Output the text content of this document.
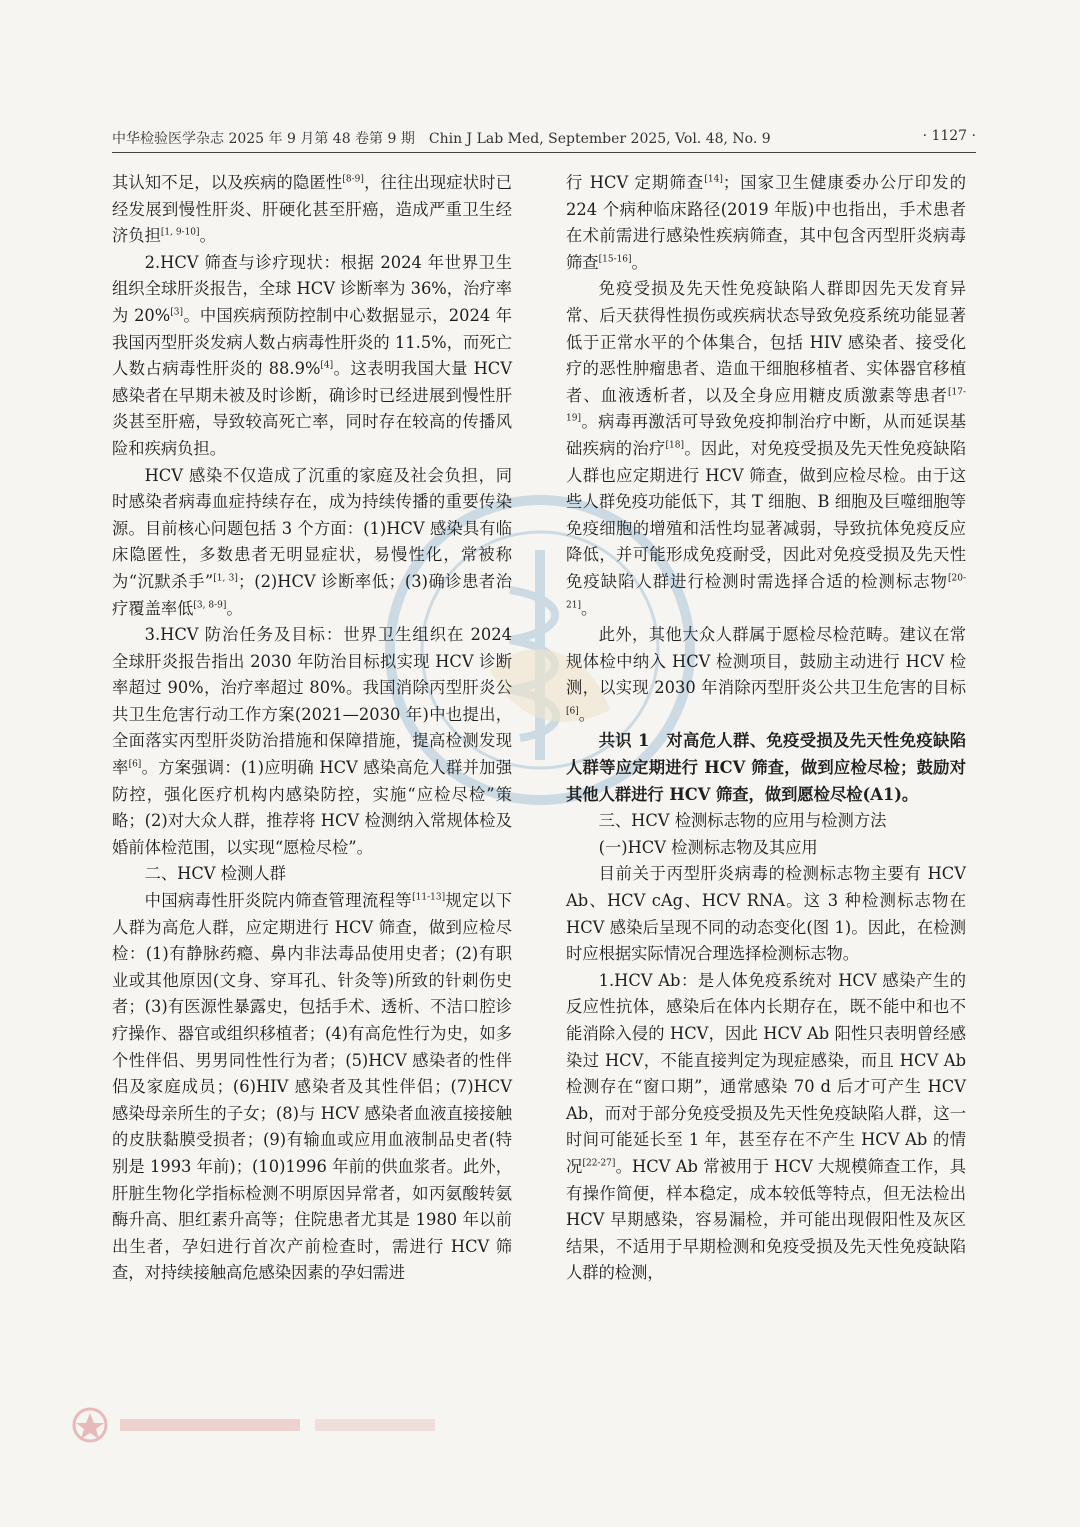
中华检验医学杂志 2025 年 9 月第 48 卷第 9 期　Chin J Lab Med, September 2025, Vol. 48, No. 9	· 1127 ·

其认知不足，以及疾病的隐匿性[8-9]，往往出现症状时已经发展到慢性肝炎、肝硬化甚至肝癌，造成严重卫生经济负担[1, 9-10]。

2.HCV 筛查与诊疗现状：根据 2024 年世界卫生组织全球肝炎报告，全球 HCV 诊断率为 36%，治疗率为 20%[3]。中国疾病预防控制中心数据显示，2024 年我国丙型肝炎发病人数占病毒性肝炎的 11.5%，而死亡人数占病毒性肝炎的 88.9%[4]。这表明我国大量 HCV 感染者在早期未被及时诊断，确诊时已经进展到慢性肝炎甚至肝癌，导致较高死亡率，同时存在较高的传播风险和疾病负担。

HCV 感染不仅造成了沉重的家庭及社会负担，同时感染者病毒血症持续存在，成为持续传播的重要传染源。目前核心问题包括 3 个方面：(1)HCV 感染具有临床隐匿性，多数患者无明显症状，易慢性化，常被称为“沉默杀手”[1, 3]；(2)HCV 诊断率低；(3)确诊患者治疗覆盖率低[3, 8-9]。

3.HCV 防治任务及目标：世界卫生组织在 2024 全球肝炎报告指出 2030 年防治目标拟实现 HCV 诊断率超过 90%，治疗率超过 80%。我国消除丙型肝炎公共卫生危害行动工作方案(2021—2030 年)中也提出，全面落实丙型肝炎防治措施和保障措施，提高检测发现率[6]。方案强调：(1)应明确 HCV 感染高危人群并加强防控，强化医疗机构内感染防控，实施“应检尽检”策略；(2)对大众人群，推荐将 HCV 检测纳入常规体检及婚前体检范围，以实现“愿检尽检”。

二、HCV 检测人群

中国病毒性肝炎院内筛查管理流程等[11-13]规定以下人群为高危人群，应定期进行 HCV 筛查，做到应检尽检：(1)有静脉药瘾、鼻内非法毒品使用史者；(2)有职业或其他原因(文身、穿耳孔、针灸等)所致的针刺伤史者；(3)有医源性暴露史，包括手术、透析、不洁口腔诊疗操作、器官或组织移植者；(4)有高危性行为史，如多个性伴侣、男男同性性行为者；(5)HCV 感染者的性伴侣及家庭成员；(6)HIV 感染者及其性伴侣；(7)HCV 感染母亲所生的子女；(8)与 HCV 感染者血液直接接触的皮肤黏膜受损者；(9)有输血或应用血液制品史者(特别是 1993 年前)；(10)1996 年前的供血浆者。此外，肝脏生物化学指标检测不明原因异常者，如丙氨酸转氨酶升高、胆红素升高等；住院患者尤其是 1980 年以前出生者，孕妇进行首次产前检查时，需进行 HCV 筛查，对持续接触高危感染因素的孕妇需进

行 HCV 定期筛查[14]；国家卫生健康委办公厅印发的 224 个病种临床路径(2019 年版)中也指出，手术患者在术前需进行感染性疾病筛查，其中包含丙型肝炎病毒筛查[15-16]。

免疫受损及先天性免疫缺陷人群即因先天发育异常、后天获得性损伤或疾病状态导致免疫系统功能显著低于正常水平的个体集合，包括 HIV 感染者、接受化疗的恶性肿瘤患者、造血干细胞移植者、实体器官移植者、血液透析者，以及全身应用糖皮质激素等患者[17-19]。病毒再激活可导致免疫抑制治疗中断，从而延误基础疾病的治疗[18]。因此，对免疫受损及先天性免疫缺陷人群也应定期进行 HCV 筛查，做到应检尽检。由于这些人群免疫功能低下，其 T 细胞、B 细胞及巨噬细胞等免疫细胞的增殖和活性均显著减弱，导致抗体免疫反应降低，并可能形成免疫耐受，因此对免疫受损及先天性免疫缺陷人群进行检测时需选择合适的检测标志物[20-21]。

此外，其他大众人群属于愿检尽检范畴。建议在常规体检中纳入 HCV 检测项目，鼓励主动进行 HCV 检测，以实现 2030 年消除丙型肝炎公共卫生危害的目标[6]。

共识 1　对高危人群、免疫受损及先天性免疫缺陷人群等应定期进行 HCV 筛查，做到应检尽检；鼓励对其他人群进行 HCV 筛查，做到愿检尽检(A1)。

三、HCV 检测标志物的应用与检测方法

(一)HCV 检测标志物及其应用

目前关于丙型肝炎病毒的检测标志物主要有 HCV Ab、HCV cAg、HCV RNA。这 3 种检测标志物在 HCV 感染后呈现不同的动态变化(图 1)。因此，在检测时应根据实际情况合理选择检测标志物。

1.HCV Ab：是人体免疫系统对 HCV 感染产生的反应性抗体，感染后在体内长期存在，既不能中和也不能消除入侵的 HCV，因此 HCV Ab 阳性只表明曾经感染过 HCV，不能直接判定为现症感染，而且 HCV Ab 检测存在“窗口期”，通常感染 70 d 后才可产生 HCV Ab，而对于部分免疫受损及先天性免疫缺陷人群，这一时间可能延长至 1 年，甚至存在不产生 HCV Ab 的情况[22-27]。HCV Ab 常被用于 HCV 大规模筛查工作，具有操作简便，样本稳定，成本较低等特点，但无法检出 HCV 早期感染，容易漏检，并可能出现假阳性及灰区结果，不适用于早期检测和免疫受损及先天性免疫缺陷人群的检测，
